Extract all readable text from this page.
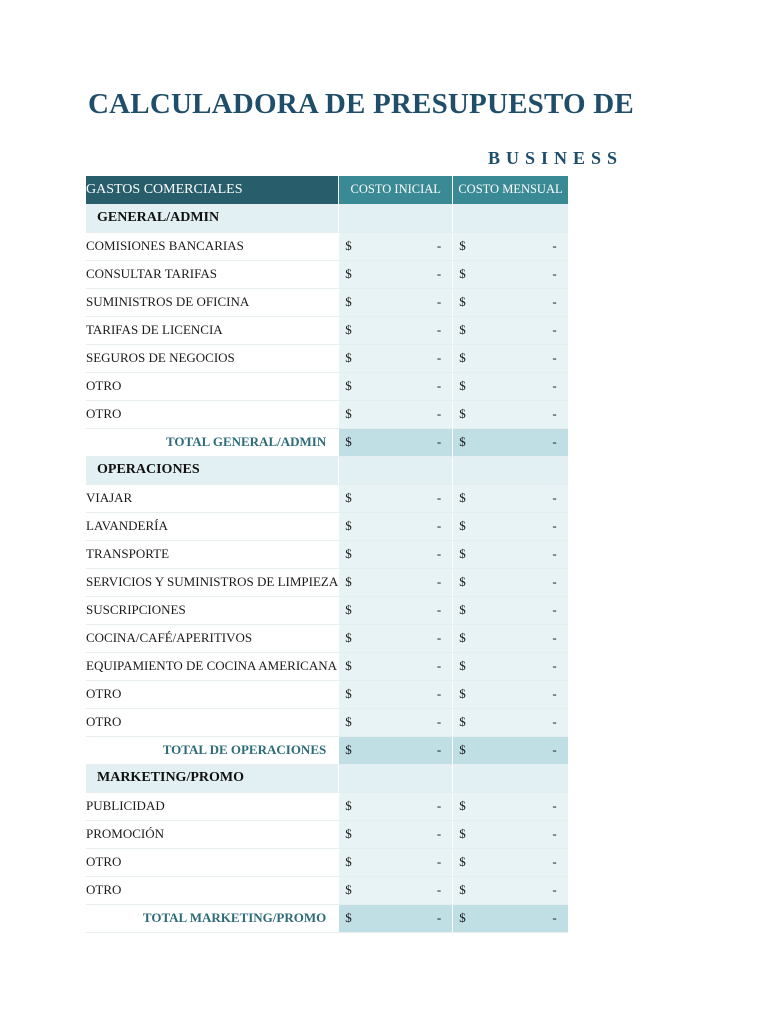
CALCULADORA DE PRESUPUESTO DE
BUSINESS
GASTOS COMERCIALES	COSTO INICIAL	COSTO MENSUAL
GENERAL/ADMIN		
COMISIONES BANCARIAS	$ -	$ -

CONSULTAR TARIFAS	$ -	$ -

SUMINISTROS DE OFICINA	$ -	$ -

TARIFAS DE LICENCIA	$ -	$ -

SEGUROS DE NEGOCIOS	$ -	$ -

OTRO	$ -	$ -

OTRO	$ -	$ -

TOTAL GENERAL/ADMIN	$ -	$ -

OPERACIONES		
VIAJAR	$ -	$ -

LAVANDERÍA	$ -	$ -

TRANSPORTE	$ -	$ -

SERVICIOS Y SUMINISTROS DE LIMPIEZA	$ -	$ -

SUSCRIPCIONES	$ -	$ -

COCINA/CAFÉ/APERITIVOS	$ -	$ -

EQUIPAMIENTO DE COCINA AMERICANA	$ -	$ -

OTRO	$ -	$ -

OTRO	$ -	$ -

TOTAL DE OPERACIONES	$ -	$ -

MARKETING/PROMO		
PUBLICIDAD	$ -	$ -

PROMOCIÓN	$ -	$ -

OTRO	$ -	$ -

OTRO	$ -	$ -

TOTAL MARKETING/PROMO	$ -	$ -
